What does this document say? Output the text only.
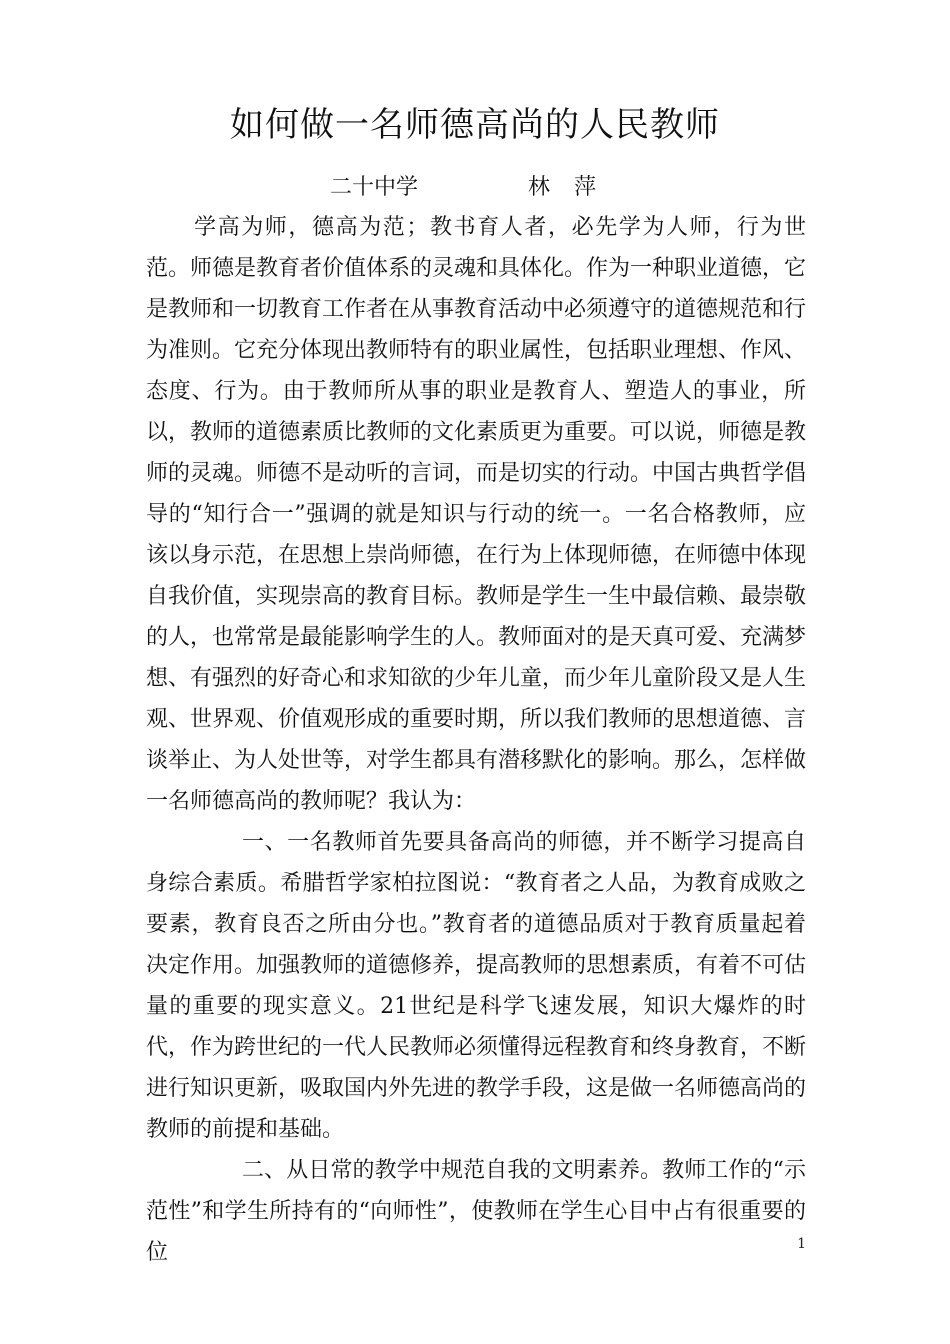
如何做一名师德高尚的人民教师
二十中学	林萍

学高为师，德高为范；教书育人者，必先学为人师，行为世范。师德是教育者价值体系的灵魂和具体化。作为一种职业道德，它是教师和一切教育工作者在从事教育活动中必须遵守的道德规范和行为准则。它充分体现出教师特有的职业属性，包括职业理想、作风、态度、行为。由于教师所从事的职业是教育人、塑造人的事业，所以，教师的道德素质比教师的文化素质更为重要。可以说，师德是教师的灵魂。师德不是动听的言词，而是切实的行动。中国古典哲学倡导的“知行合一”强调的就是知识与行动的统一。一名合格教师，应该以身示范，在思想上崇尚师德，在行为上体现师德，在师德中体现自我价值，实现崇高的教育目标。教师是学生一生中最信赖、最崇敬的人，也常常是最能影响学生的人。教师面对的是天真可爱、充满梦想、有强烈的好奇心和求知欲的少年儿童，而少年儿童阶段又是人生观、世界观、价值观形成的重要时期，所以我们教师的思想道德、言谈举止、为人处世等，对学生都具有潜移默化的影响。那么，怎样做一名师德高尚的教师呢？我认为：

一、一名教师首先要具备高尚的师德，并不断学习提高自身综合素质。希腊哲学家柏拉图说：“教育者之人品，为教育成败之要素，教育良否之所由分也。”教育者的道德品质对于教育质量起着决定作用。加强教师的道德修养，提高教师的思想素质，有着不可估量的重要的现实意义。21世纪是科学飞速发展，知识大爆炸的时代，作为跨世纪的一代人民教师必须懂得远程教育和终身教育，不断进行知识更新，吸取国内外先进的教学手段，这是做一名师德高尚的教师的前提和基础。

二、从日常的教学中规范自我的文明素养。教师工作的“示范性”和学生所持有的“向师性”，使教师在学生心目中占有很重要的位	1
